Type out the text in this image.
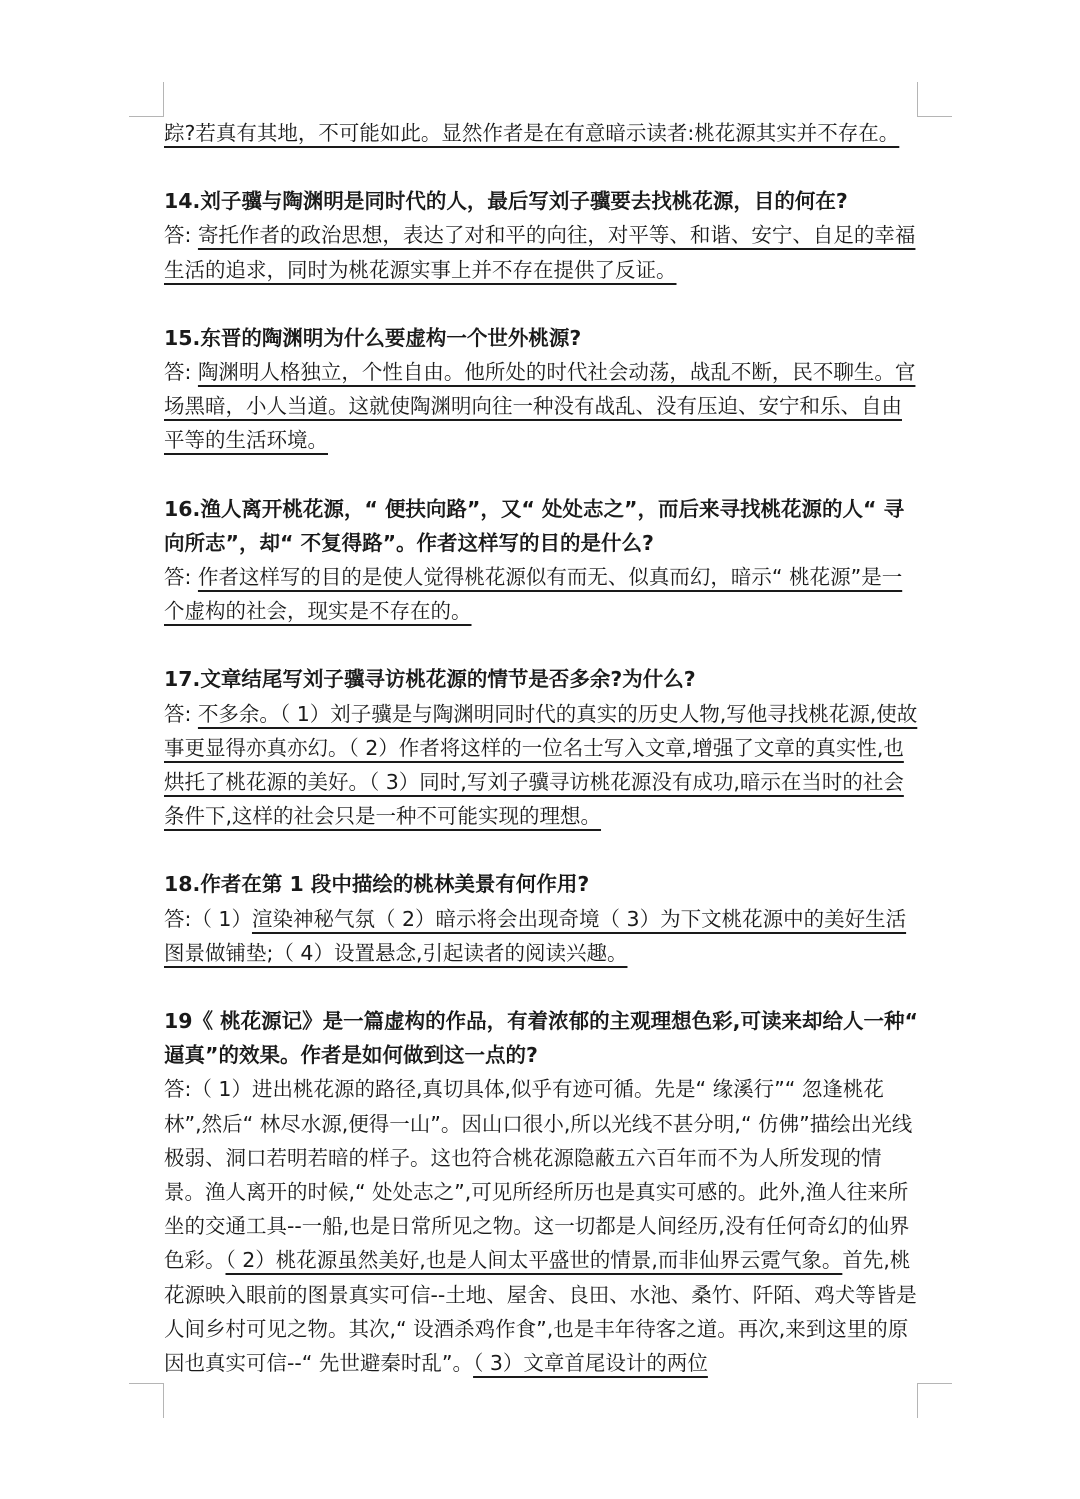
踪?若真有其地，不可能如此。显然作者是在有意暗示读者:桃花源其实并不存在。

14.刘子骥与陶渊明是同时代的人，最后写刘子骥要去找桃花源，目的何在?

答: 寄托作者的政治思想，表达了对和平的向往，对平等、和谐、安宁、自足的幸福生活的追求，同时为桃花源实事上并不存在提供了反证。

15.东晋的陶渊明为什么要虚构一个世外桃源?

答: 陶渊明人格独立，个性自由。他所处的时代社会动荡，战乱不断，民不聊生。官场黑暗，小人当道。这就使陶渊明向往一种没有战乱、没有压迫、安宁和乐、自由平等的生活环境。

16.渔人离开桃花源，“ 便扶向路”，又“ 处处志之”，而后来寻找桃花源的人“ 寻向所志”，却“ 不复得路”。作者这样写的目的是什么?

答: 作者这样写的目的是使人觉得桃花源似有而无、似真而幻，暗示“ 桃花源”是一个虚构的社会，现实是不存在的。

17.文章结尾写刘子骥寻访桃花源的情节是否多余?为什么?

答: 不多余。（ 1）刘子骥是与陶渊明同时代的真实的历史人物,写他寻找桃花源,使故事更显得亦真亦幻。（ 2）作者将这样的一位名士写入文章,增强了文章的真实性,也烘托了桃花源的美好。（ 3）同时,写刘子骥寻访桃花源没有成功,暗示在当时的社会条件下,这样的社会只是一种不可能实现的理想。

18.作者在第 1 段中描绘的桃林美景有何作用?

答:（ 1）渲染神秘气氛（ 2）暗示将会出现奇境（ 3）为下文桃花源中的美好生活图景做铺垫;（ 4）设置悬念,引起读者的阅读兴趣。

19《 桃花源记》是一篇虚构的作品，有着浓郁的主观理想色彩,可读来却给人一种“ 逼真”的效果。作者是如何做到这一点的?

答:（ 1）进出桃花源的路径,真切具体,似乎有迹可循。先是“ 缘溪行”“ 忽逢桃花林”,然后“ 林尽水源,便得一山”。因山口很小,所以光线不甚分明,“ 仿佛”描绘出光线极弱、洞口若明若暗的样子。这也符合桃花源隐蔽五六百年而不为人所发现的情景。渔人离开的时候,“ 处处志之”,可见所经所历也是真实可感的。此外,渔人往来所坐的交通工具--一船,也是日常所见之物。这一切都是人间经历,没有任何奇幻的仙界色彩。（ 2）桃花源虽然美好,也是人间太平盛世的情景,而非仙界云霓气象。首先,桃花源映入眼前的图景真实可信--土地、屋舍、良田、水池、桑竹、阡陌、鸡犬等皆是人间乡村可见之物。其次,“ 设酒杀鸡作食”,也是丰年待客之道。再次,来到这里的原因也真实可信--“ 先世避秦时乱”。（ 3）文章首尾设计的两位
